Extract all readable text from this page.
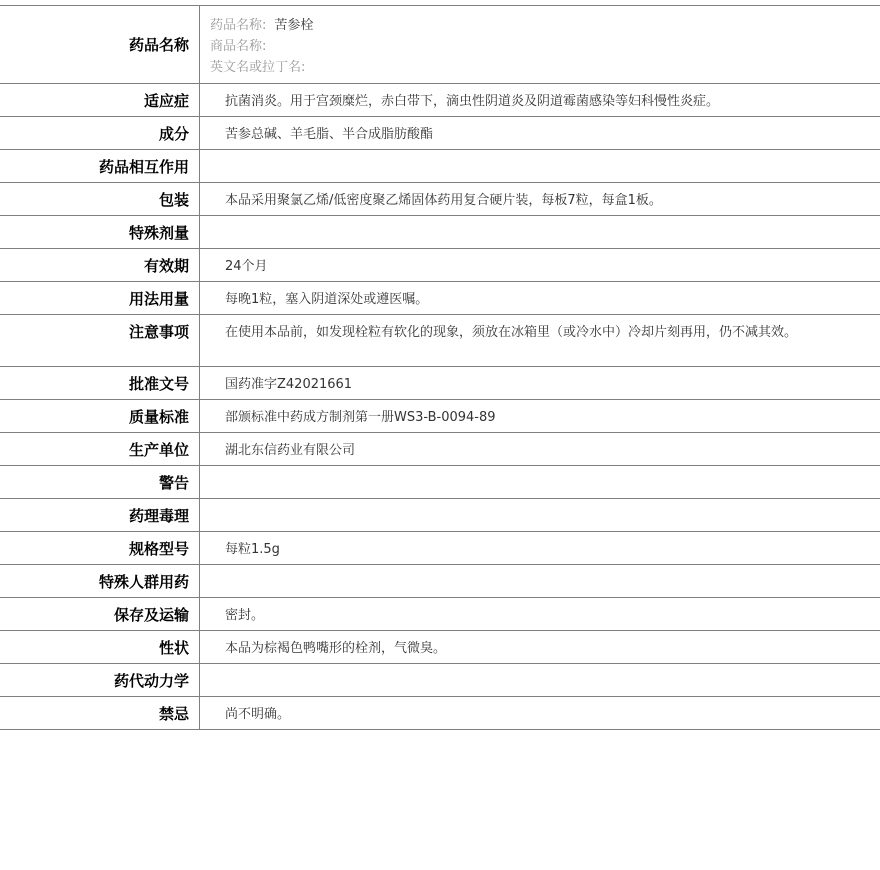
药品名称
药品名称: 苦参栓
商品名称:
英文名或拉丁名:
适应症	抗菌消炎。用于宫颈糜烂，赤白带下，滴虫性阴道炎及阴道霉菌感染等妇科慢性炎症。
成分	苦参总碱、羊毛脂、半合成脂肪酸酯
药品相互作用
包装	本品采用聚氯乙烯/低密度聚乙烯固体药用复合硬片装，每板7粒，每盒1板。
特殊剂量
有效期	24个月
用法用量	每晚1粒，塞入阴道深处或遵医嘱。
注意事项	在使用本品前，如发现栓粒有软化的现象，须放在冰箱里（或冷水中）冷却片刻再用，仍不减其效。
批准文号	国药准字Z42021661
质量标准	部颁标准中药成方制剂第一册WS3-B-0094-89
生产单位	湖北东信药业有限公司
警告
药理毒理
规格型号	每粒1.5g
特殊人群用药
保存及运输	密封。
性状	本品为棕褐色鸭嘴形的栓剂，气微臭。
药代动力学
禁忌	尚不明确。
